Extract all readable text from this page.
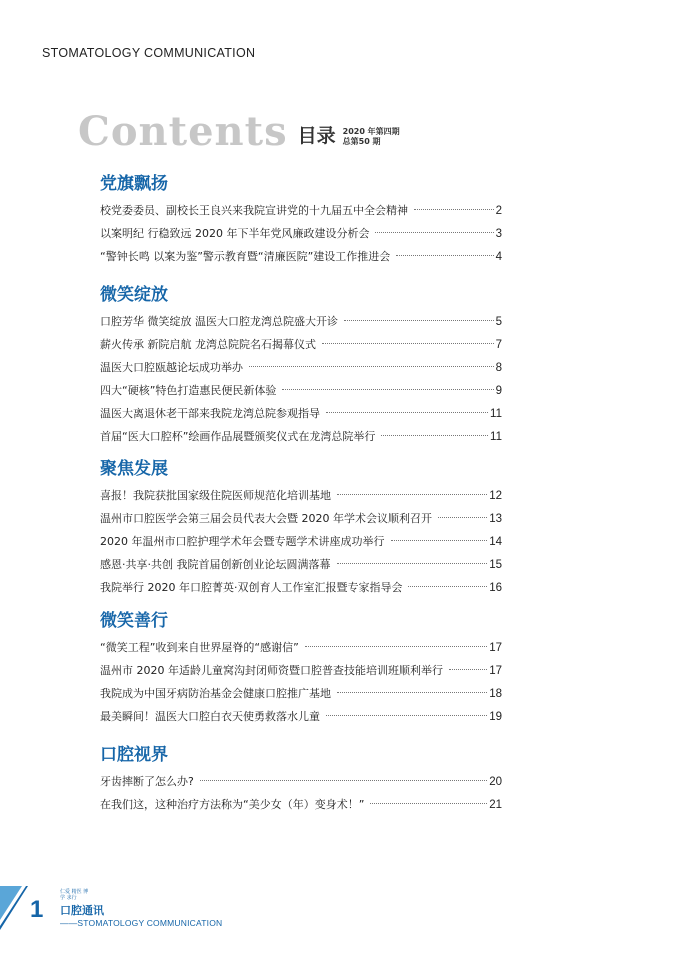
STOMATOLOGY COMMUNICATION
Contents 目录 2020 年第四期
总第50 期
党旗飘扬
校党委委员、副校长王良兴来我院宣讲党的十九届五中全会精神	2
以案明纪 行稳致远 2020 年下半年党风廉政建设分析会	3
“警钟长鸣 以案为鉴”警示教育暨“清廉医院”建设工作推进会	4
微笑绽放
口腔芳华 微笑绽放 温医大口腔龙湾总院盛大开诊	5
薪火传承 新院启航 龙湾总院院名石揭幕仪式	7
温医大口腔瓯越论坛成功举办	8
四大“硬核”特色打造惠民便民新体验	9
温医大离退休老干部来我院龙湾总院参观指导	11
首届“医大口腔杯”绘画作品展暨颁奖仪式在龙湾总院举行	11
聚焦发展
喜报！我院获批国家级住院医师规范化培训基地	12
温州市口腔医学会第三届会员代表大会暨 2020 年学术会议顺利召开	13
2020 年温州市口腔护理学术年会暨专题学术讲座成功举行	14
感恩·共享·共创 我院首届创新创业论坛圆满落幕	15
我院举行 2020 年口腔菁英·双创育人工作室汇报暨专家指导会	16
微笑善行
“微笑工程”收到来自世界屋脊的“感谢信”	17
温州市 2020 年适龄儿童窝沟封闭师资暨口腔普查技能培训班顺利举行	17
我院成为中国牙病防治基金会健康口腔推广基地	18
最美瞬间！温医大口腔白衣天使勇救落水儿童	19
口腔视界
牙齿摔断了怎么办?	20
在我们这，这种治疗方法称为“美少女（年）变身术！”	21
1
仁爱 精医 博学 求行
口腔通讯
——STOMATOLOGY COMMUNICATION
